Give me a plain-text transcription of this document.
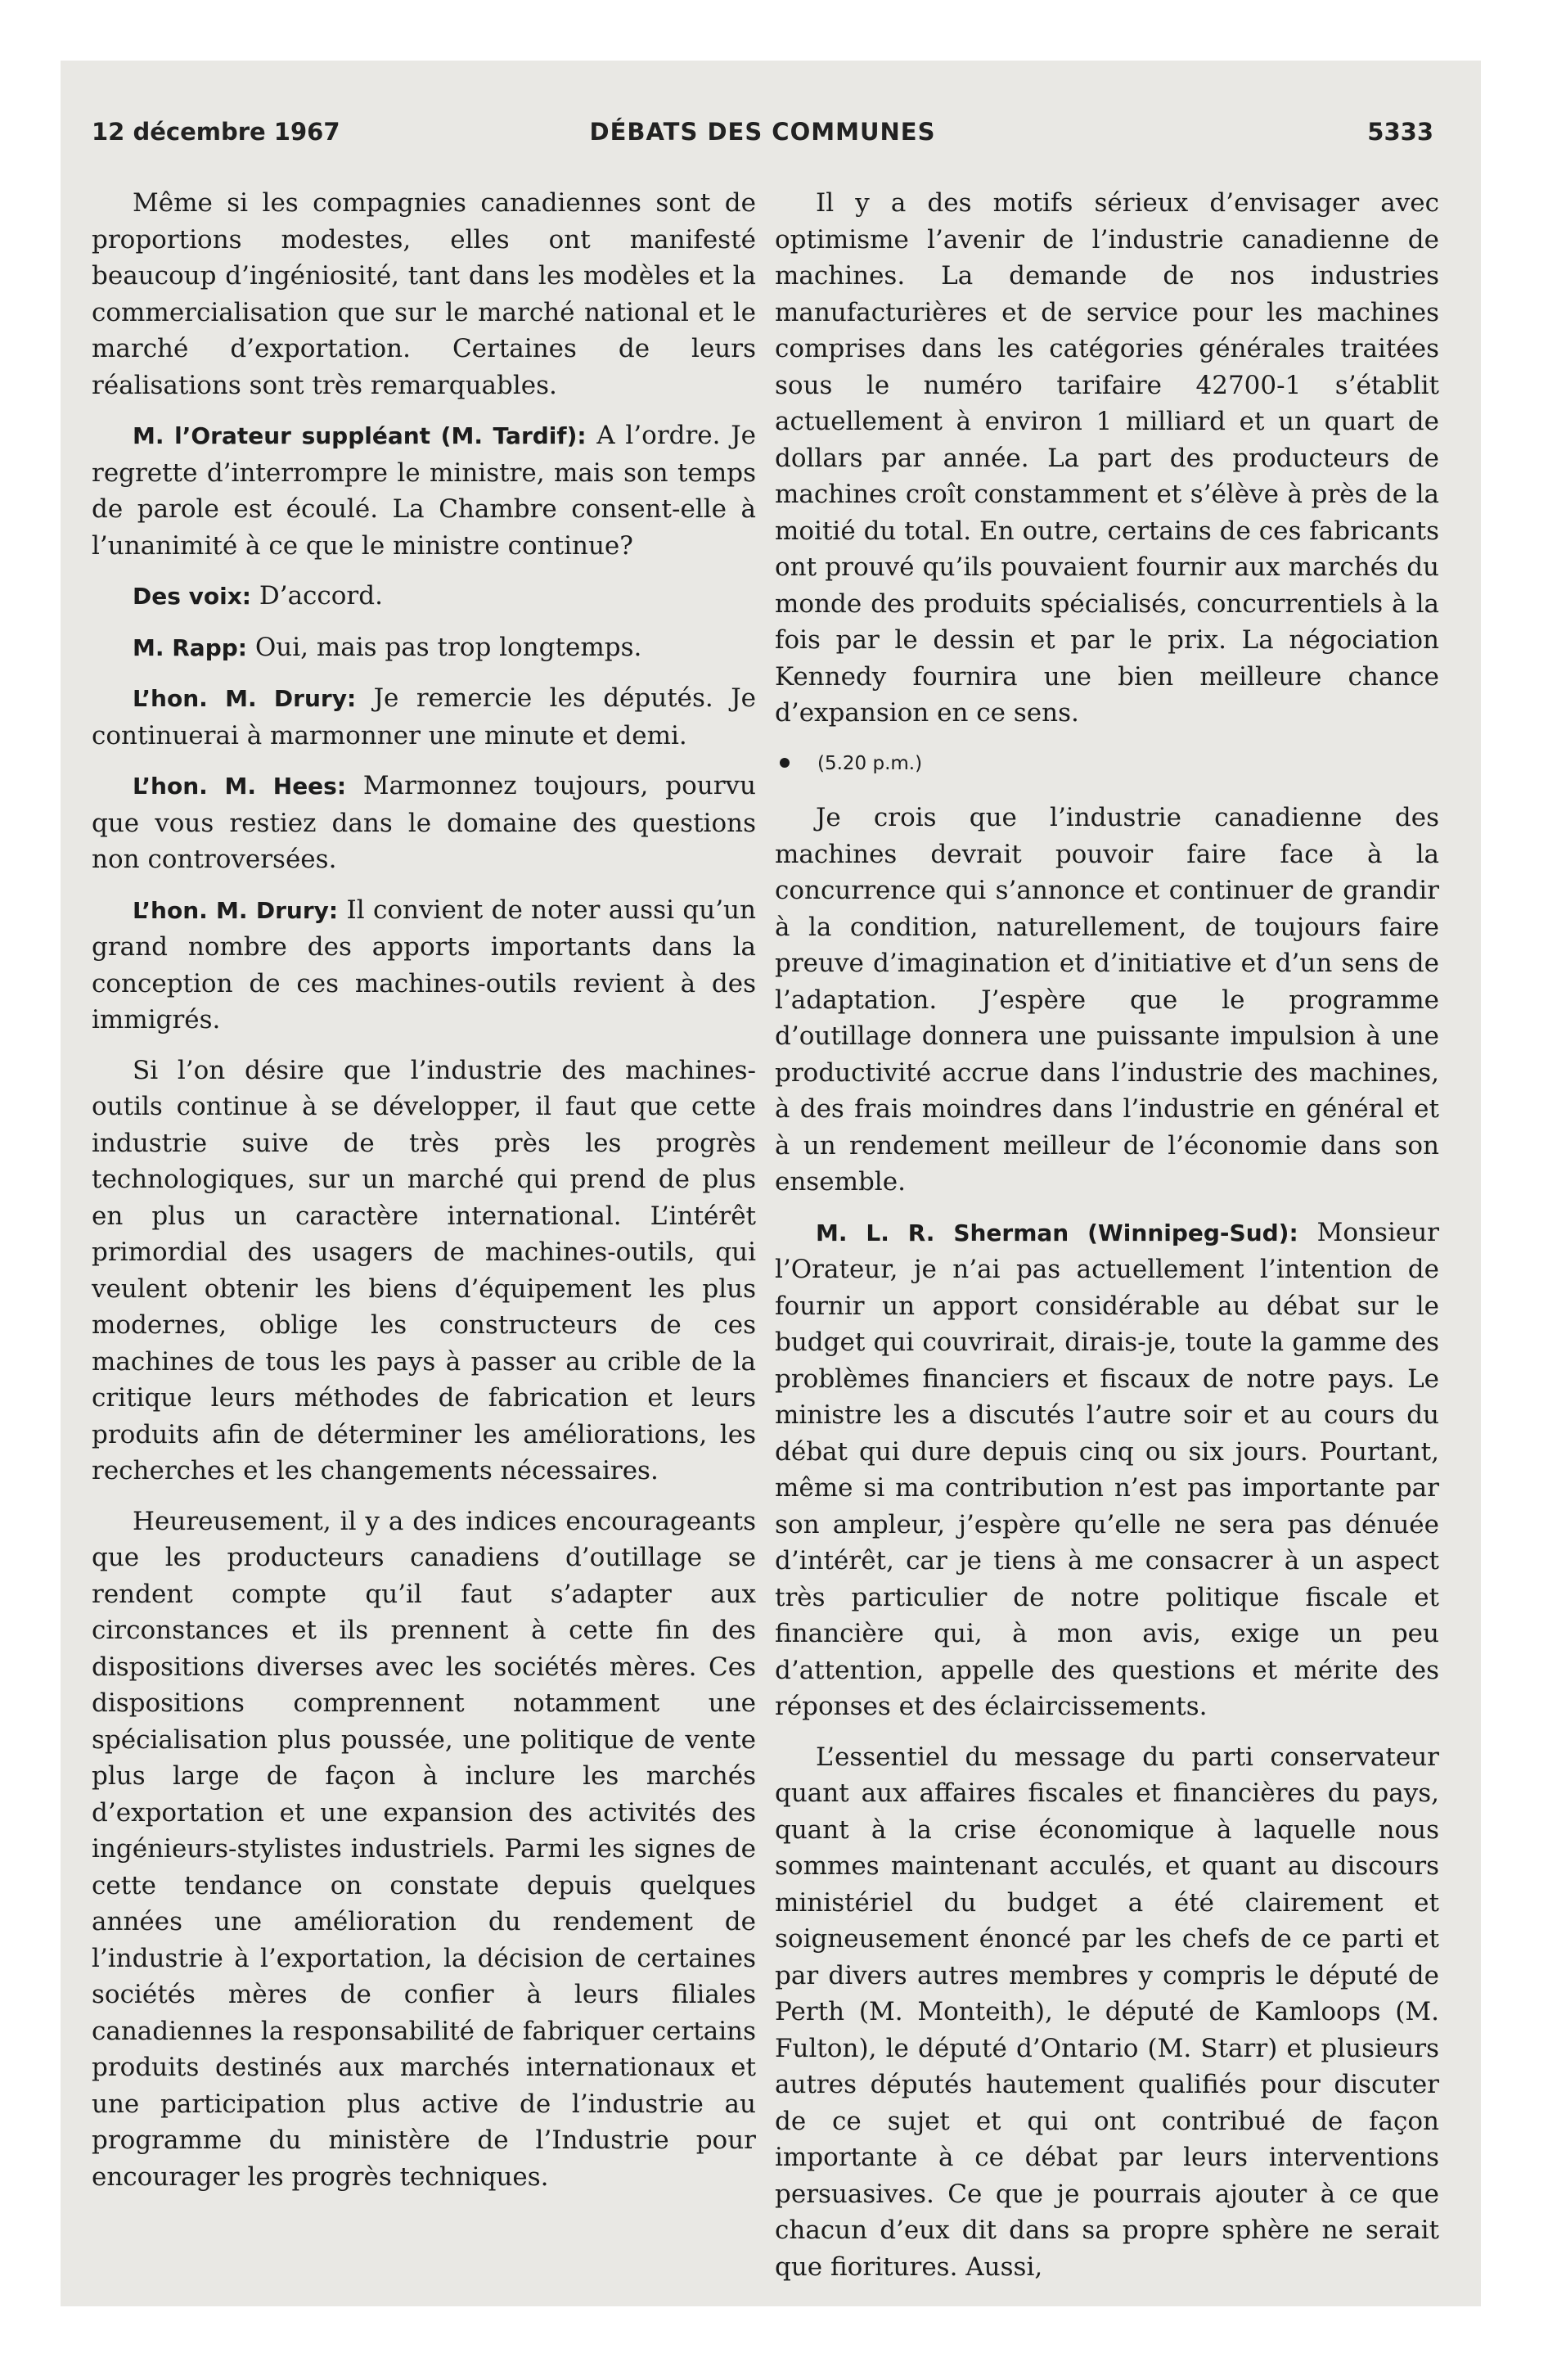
12 décembre 1967	DÉBATS DES COMMUNES	5333

Même si les compagnies canadiennes sont de proportions modestes, elles ont manifesté beaucoup d’ingéniosité, tant dans les modèles et la commercialisation que sur le marché national et le marché d’exportation. Certaines de leurs réalisations sont très remarquables.

M. l’Orateur suppléant (M. Tardif): A l’ordre. Je regrette d’interrompre le ministre, mais son temps de parole est écoulé. La Chambre consent-elle à l’unanimité à ce que le ministre continue?

Des voix: D’accord.

M. Rapp: Oui, mais pas trop longtemps.

L’hon. M. Drury: Je remercie les députés. Je continuerai à marmonner une minute et demi.

L’hon. M. Hees: Marmonnez toujours, pourvu que vous restiez dans le domaine des questions non controversées.

L’hon. M. Drury: Il convient de noter aussi qu’un grand nombre des apports importants dans la conception de ces machines-outils revient à des immigrés.

Si l’on désire que l’industrie des machines-outils continue à se développer, il faut que cette industrie suive de très près les progrès technologiques, sur un marché qui prend de plus en plus un caractère international. L’intérêt primordial des usagers de machines-outils, qui veulent obtenir les biens d’équipement les plus modernes, oblige les constructeurs de ces machines de tous les pays à passer au crible de la critique leurs méthodes de fabrication et leurs produits afin de déterminer les améliorations, les recherches et les changements nécessaires.

Heureusement, il y a des indices encourageants que les producteurs canadiens d’outillage se rendent compte qu’il faut s’adapter aux circonstances et ils prennent à cette fin des dispositions diverses avec les sociétés mères. Ces dispositions comprennent notamment une spécialisation plus poussée, une politique de vente plus large de façon à inclure les marchés d’exportation et une expansion des activités des ingénieurs-stylistes industriels. Parmi les signes de cette tendance on constate depuis quelques années une amélioration du rendement de l’industrie à l’exportation, la décision de certaines sociétés mères de confier à leurs filiales canadiennes la responsabilité de fabriquer certains produits destinés aux marchés internationaux et une participation plus active de l’industrie au programme du ministère de l’Industrie pour encourager les progrès techniques.

Il y a des motifs sérieux d’envisager avec optimisme l’avenir de l’industrie canadienne de machines. La demande de nos industries manufacturières et de service pour les machines comprises dans les catégories générales traitées sous le numéro tarifaire 42700-1 s’établit actuellement à environ 1 milliard et un quart de dollars par année. La part des producteurs de machines croît constamment et s’élève à près de la moitié du total. En outre, certains de ces fabricants ont prouvé qu’ils pouvaient fournir aux marchés du monde des produits spécialisés, concurrentiels à la fois par le dessin et par le prix. La négociation Kennedy fournira une bien meilleure chance d’expansion en ce sens.

(5.20 p.m.)

Je crois que l’industrie canadienne des machines devrait pouvoir faire face à la concurrence qui s’annonce et continuer de grandir à la condition, naturellement, de toujours faire preuve d’imagination et d’initiative et d’un sens de l’adaptation. J’espère que le programme d’outillage donnera une puissante impulsion à une productivité accrue dans l’industrie des machines, à des frais moindres dans l’industrie en général et à un rendement meilleur de l’économie dans son ensemble.

M. L. R. Sherman (Winnipeg-Sud): Monsieur l’Orateur, je n’ai pas actuellement l’intention de fournir un apport considérable au débat sur le budget qui couvrirait, dirais-je, toute la gamme des problèmes financiers et fiscaux de notre pays. Le ministre les a discutés l’autre soir et au cours du débat qui dure depuis cinq ou six jours. Pourtant, même si ma contribution n’est pas importante par son ampleur, j’espère qu’elle ne sera pas dénuée d’intérêt, car je tiens à me consacrer à un aspect très particulier de notre politique fiscale et financière qui, à mon avis, exige un peu d’attention, appelle des questions et mérite des réponses et des éclaircissements.

L’essentiel du message du parti conservateur quant aux affaires fiscales et financières du pays, quant à la crise économique à laquelle nous sommes maintenant acculés, et quant au discours ministériel du budget a été clairement et soigneusement énoncé par les chefs de ce parti et par divers autres membres y compris le député de Perth (M. Monteith), le député de Kamloops (M. Fulton), le député d’Ontario (M. Starr) et plusieurs autres députés hautement qualifiés pour discuter de ce sujet et qui ont contribué de façon importante à ce débat par leurs interventions persuasives. Ce que je pourrais ajouter à ce que chacun d’eux dit dans sa propre sphère ne serait que fioritures. Aussi,
